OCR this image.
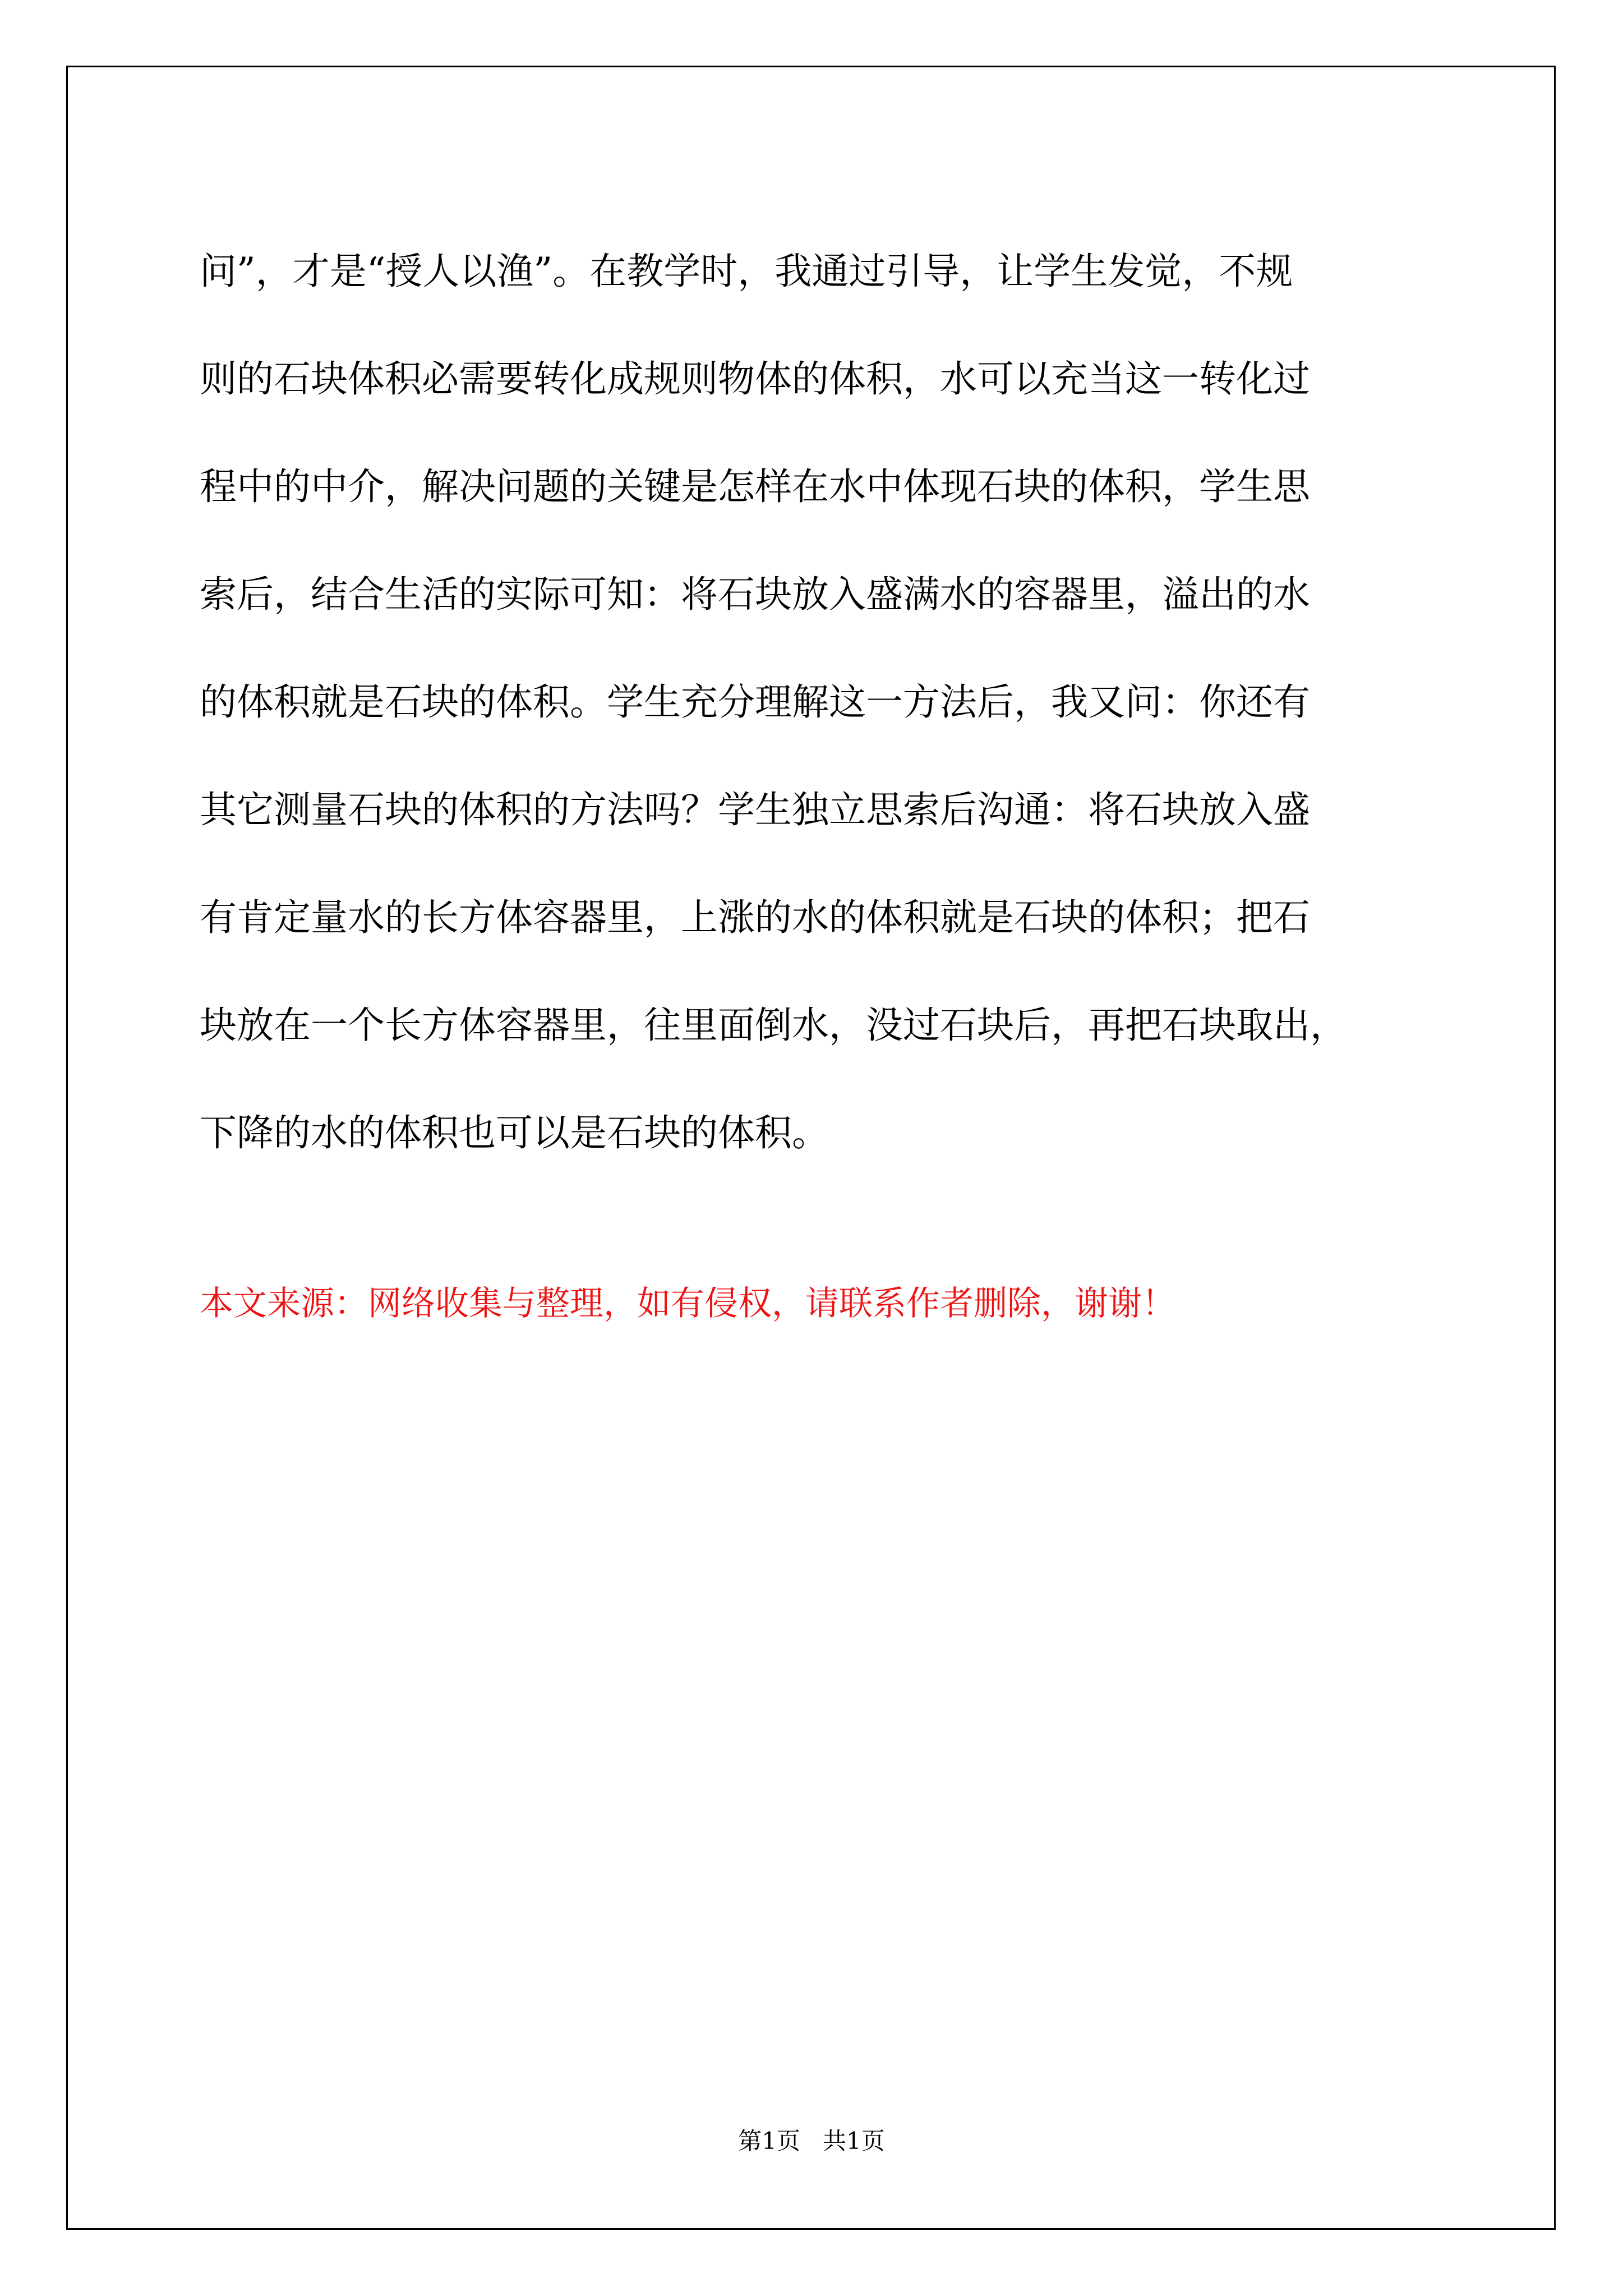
问”，才是“授人以渔”。在教学时，我通过引导，让学生发觉，不规
则的石块体积必需要转化成规则物体的体积，水可以充当这一转化过
程中的中介，解决问题的关键是怎样在水中体现石块的体积，学生思
索后，结合生活的实际可知：将石块放入盛满水的容器里，溢出的水
的体积就是石块的体积。学生充分理解这一方法后，我又问：你还有
其它测量石块的体积的方法吗？学生独立思索后沟通：将石块放入盛
有肯定量水的长方体容器里，上涨的水的体积就是石块的体积；把石
块放在一个长方体容器里，往里面倒水，没过石块后，再把石块取出，
下降的水的体积也可以是石块的体积。
本文来源：网络收集与整理，如有侵权，请联系作者删除，谢谢！
第1页   共1页
